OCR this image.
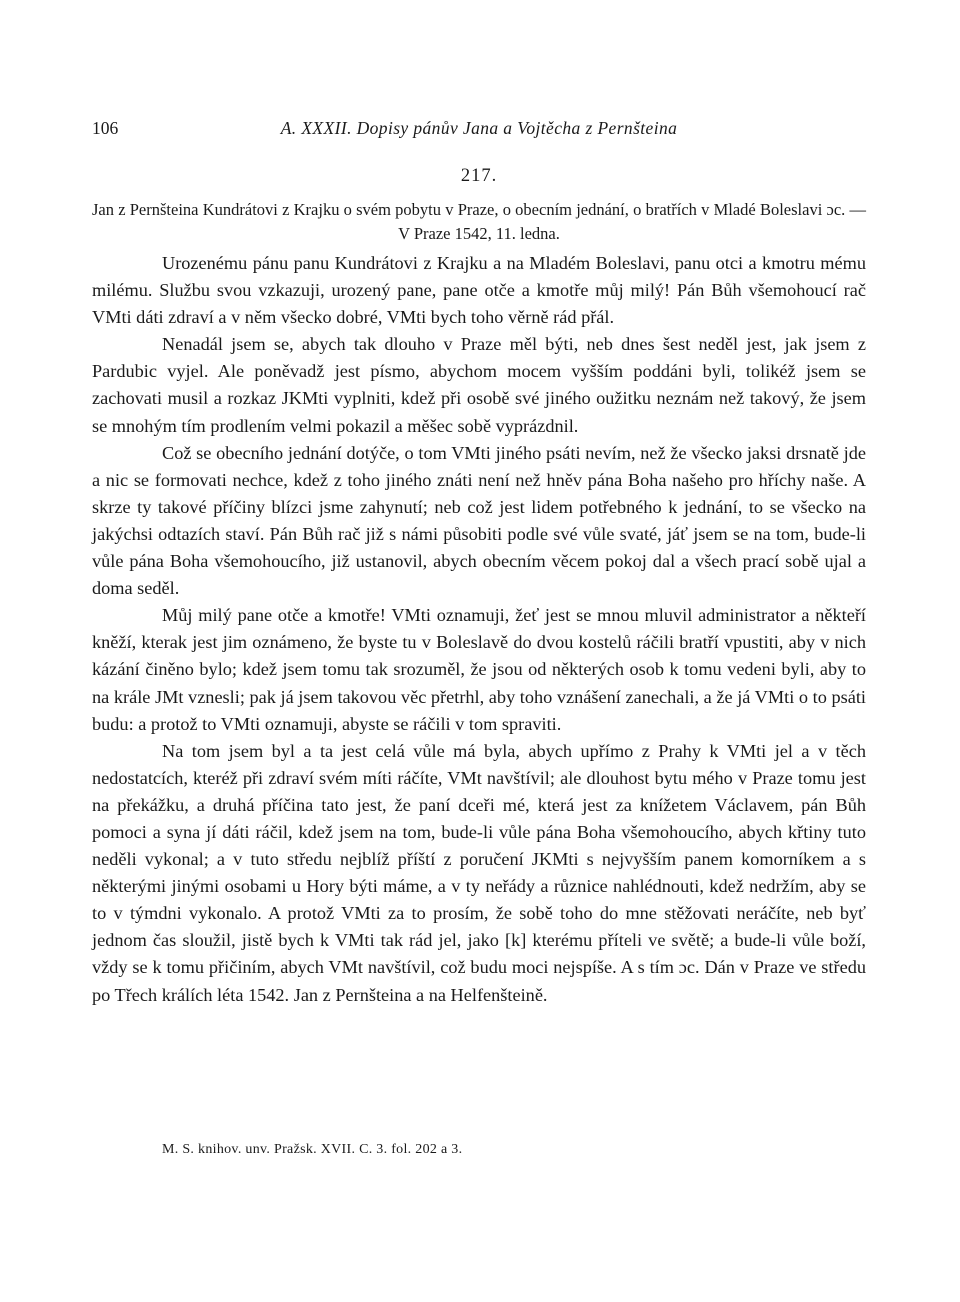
106	A. XXXII. Dopisy pánův Jana a Vojtěcha z Pernšteina
217.
Jan z Pernšteina Kundrátovi z Krajku o svém pobytu v Praze, o obecním jednání, o bratřích v Mladé Boleslavi ɔc. — V Praze 1542, 11. ledna.

Urozenému pánu panu Kundrátovi z Krajku a na Mladém Boleslavi, panu otci a kmotru mému milému. Službu svou vzkazuji, urozený pane, pane otče a kmotře můj milý! Pán Bůh všemohoucí rač VMti dáti zdraví a v něm všecko dobré, VMti bych toho věrně rád přál.

Nenadál jsem se, abych tak dlouho v Praze měl býti, neb dnes šest neděl jest, jak jsem z Pardubic vyjel. Ale poněvadž jest písmo, abychom mocem vyšším poddáni byli, tolikéž jsem se zachovati musil a rozkaz JKMti vyplniti, kdež při osobě své jiného oužitku neznám než takový, že jsem se mnohým tím prodlením velmi pokazil a měšec sobě vyprázdnil.

Což se obecního jednání dotýče, o tom VMti jiného psáti nevím, než že všecko jaksi drsnatě jde a nic se formovati nechce, kdež z toho jiného znáti není než hněv pána Boha našeho pro hříchy naše. A skrze ty takové příčiny blízci jsme zahynutí; neb což jest lidem potřebného k jednání, to se všecko na jakýchsi odtazích staví. Pán Bůh rač již s námi působiti podle své vůle svaté, jáť jsem se na tom, bude-li vůle pána Boha všemohoucího, již ustanovil, abych obecním věcem pokoj dal a všech prací sobě ujal a doma seděl.

Můj milý pane otče a kmotře! VMti oznamuji, žeť jest se mnou mluvil administrator a někteří kněží, kterak jest jim oznámeno, že byste tu v Boleslavě do dvou kostelů ráčili bratří vpustiti, aby v nich kázání činěno bylo; kdež jsem tomu tak srozuměl, že jsou od některých osob k tomu vedeni byli, aby to na krále JMt vznesli; pak já jsem takovou věc přetrhl, aby toho vznášení zanechali, a že já VMti o to psáti budu: a protož to VMti oznamuji, abyste se ráčili v tom spraviti.

Na tom jsem byl a ta jest celá vůle má byla, abych upřímo z Prahy k VMti jel a v těch nedostatcích, kteréž při zdraví svém míti ráčíte, VMt navštívil; ale dlouhost bytu mého v Praze tomu jest na překážku, a druhá příčina tato jest, že paní dceři mé, která jest za knížetem Václavem, pán Bůh pomoci a syna jí dáti ráčil, kdež jsem na tom, bude-li vůle pána Boha všemohoucího, abych křtiny tuto neděli vykonal; a v tuto středu nejblíž příští z poručení JKMti s nejvyšším panem komorníkem a s některými jinými osobami u Hory býti máme, a v ty neřády a různice nahlédnouti, kdež nedržím, aby se to v týmdni vykonalo. A protož VMti za to prosím, že sobě toho do mne stěžovati neráčíte, neb byť jednom čas sloužil, jistě bych k VMti tak rád jel, jako [k] kterému příteli ve světě; a bude-li vůle boží, vždy se k tomu přičiním, abych VMt navštívil, což budu moci nejspíše. A s tím ɔc. Dán v Praze ve středu po Třech králích léta 1542. Jan z Pernšteina a na Helfenšteině.

M. S. knihov. unv. Pražsk. XVII. C. 3. fol. 202 a 3.
